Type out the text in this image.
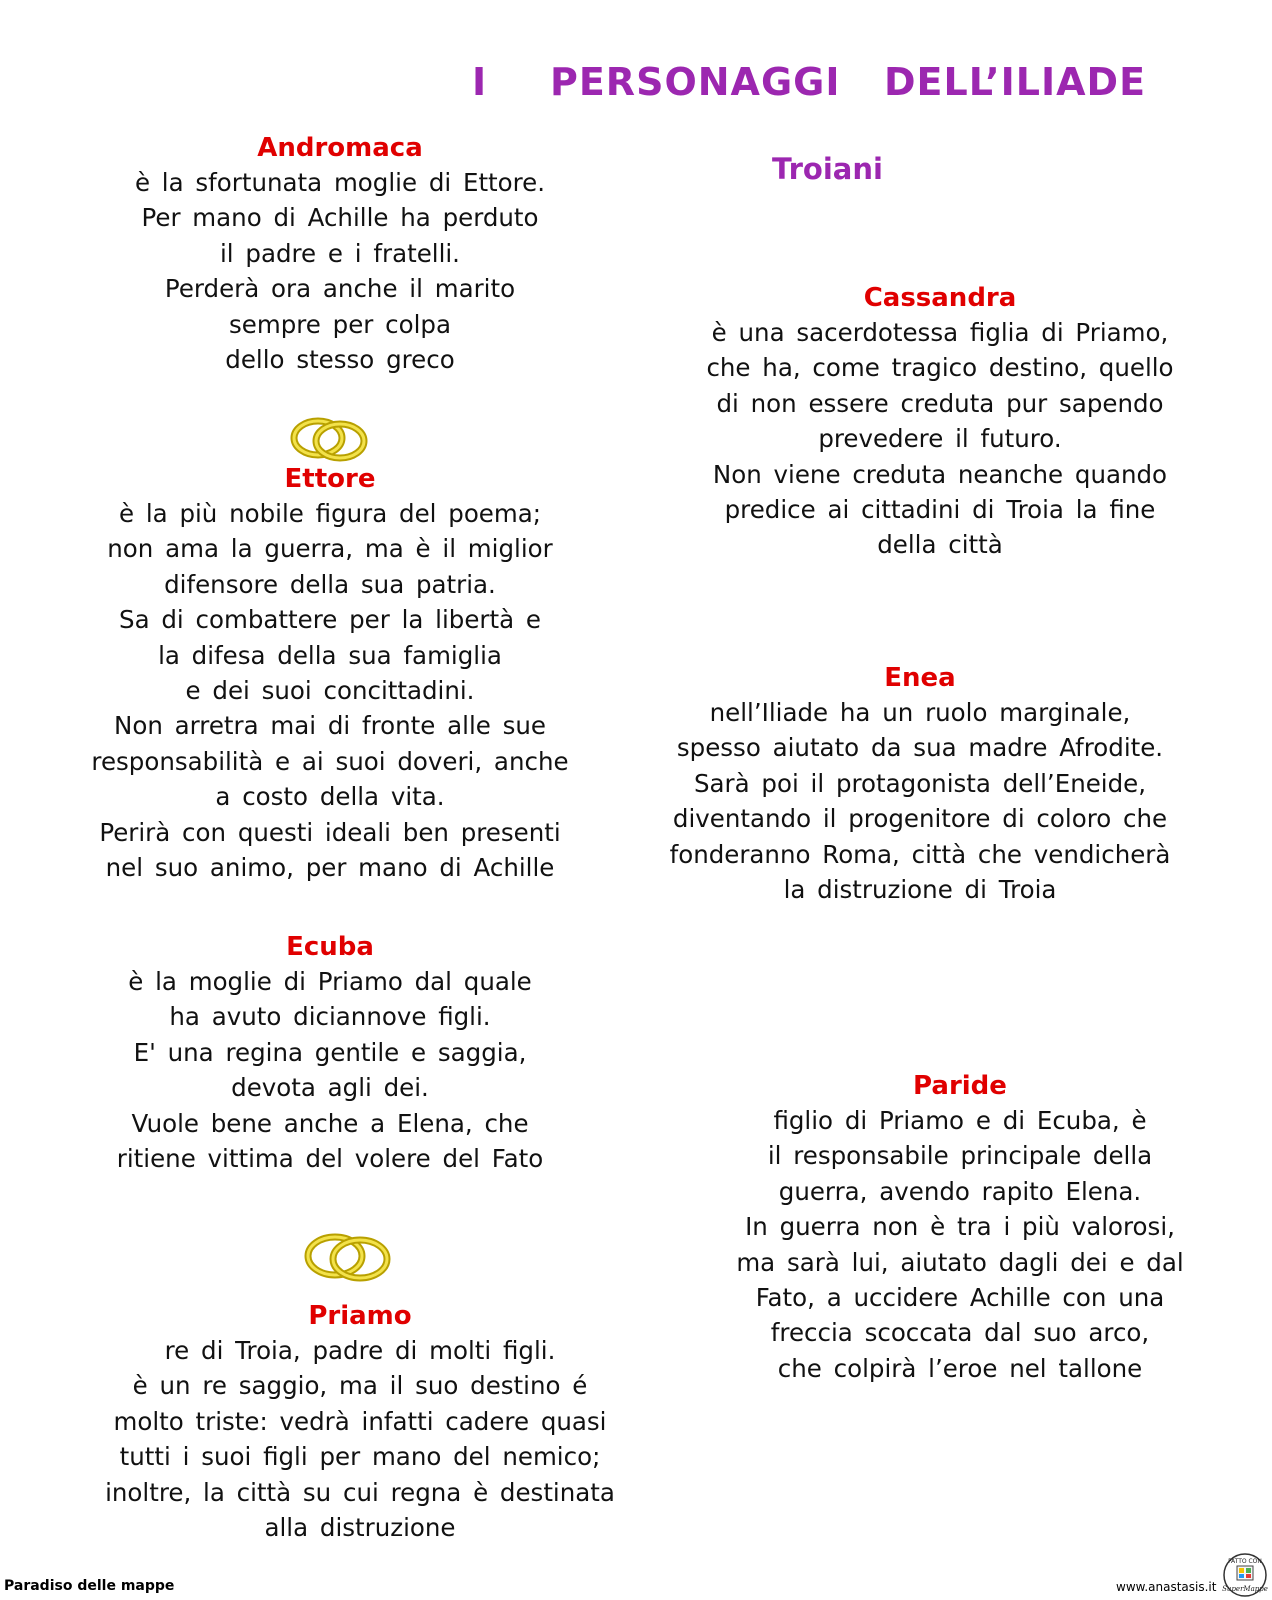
I PERSONAGGI DELL’ILIADE
Troiani
Andromaca
è la sfortunata moglie di Ettore.
Per mano di Achille ha perduto
il padre e i fratelli.
Perderà ora anche il marito
sempre per colpa
dello stesso greco
Ettore
è la più nobile figura del poema;
non ama la guerra, ma è il miglior
difensore della sua patria.
Sa di combattere per la libertà e
la difesa della sua famiglia
e dei suoi concittadini.
Non arretra mai di fronte alle sue
responsabilità e ai suoi doveri, anche
a costo della vita.
Perirà con questi ideali ben presenti
nel suo animo, per mano di Achille
Ecuba
è la moglie di Priamo dal quale
ha avuto diciannove figli.
E' una regina gentile e saggia,
devota agli dei.
Vuole bene anche a Elena, che
ritiene vittima del volere del Fato
Priamo
re di Troia, padre di molti figli.
è un re saggio, ma il suo destino é
molto triste: vedrà infatti cadere quasi
tutti i suoi figli per mano del nemico;
inoltre, la città su cui regna è destinata
alla distruzione
Cassandra
è una sacerdotessa figlia di Priamo,
che ha, come tragico destino, quello
di non essere creduta pur sapendo
prevedere il futuro.
Non viene creduta neanche quando
predice ai cittadini di Troia la fine
della città
Enea
nell’Iliade ha un ruolo marginale,
spesso aiutato da sua madre Afrodite.
Sarà poi il protagonista dell’Eneide,
diventando il progenitore di coloro che
fonderanno Roma, città che vendicherà
la distruzione di Troia
Paride
figlio di Priamo e di Ecuba, è
il responsabile principale della
guerra, avendo rapito Elena.
In guerra non è tra i più valorosi,
ma sarà lui, aiutato dagli dei e dal
Fato, a uccidere Achille con una
freccia scoccata dal suo arco,
che colpirà l’eroe nel tallone
Paradiso delle mappe	www.anastasis.it
FATTO CON
SuperMappe
